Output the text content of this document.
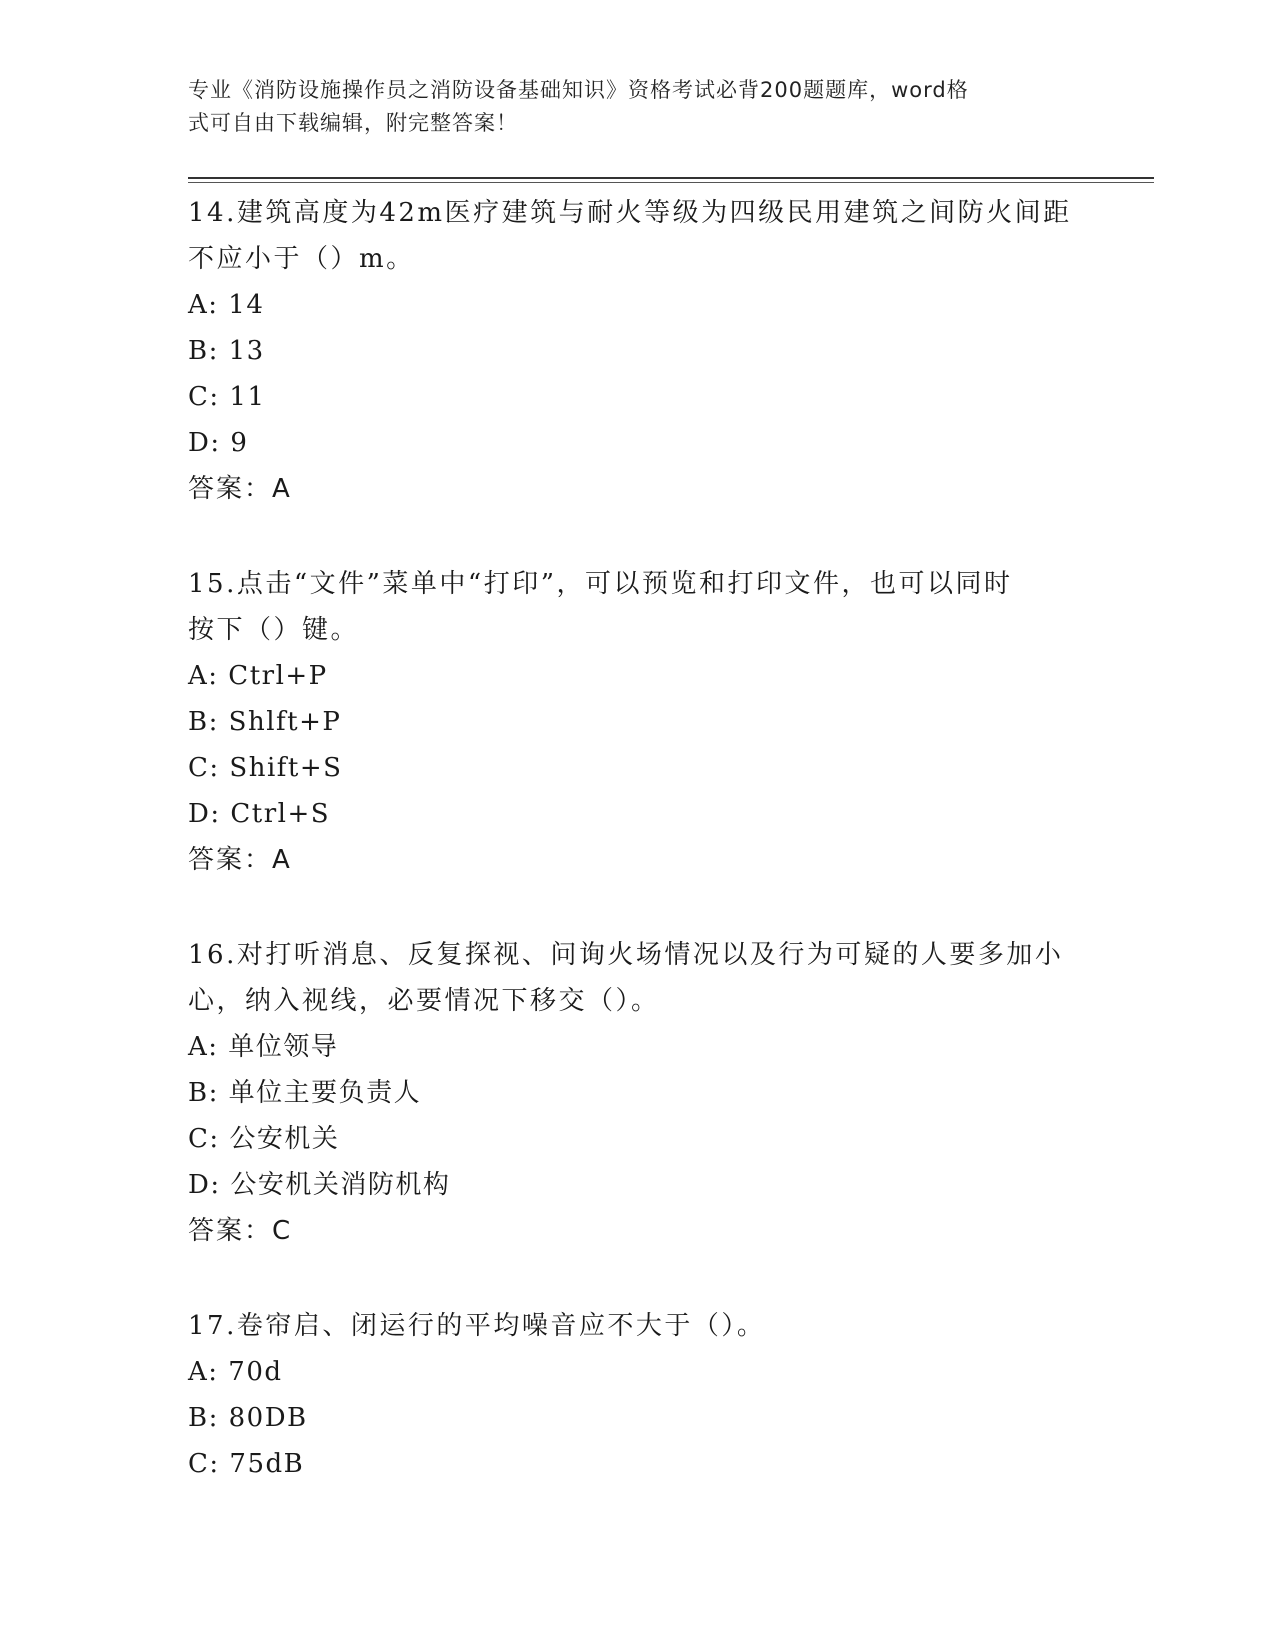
专业《消防设施操作员之消防设备基础知识》资格考试必背200题题库，word格
式可自由下载编辑，附完整答案！

14.建筑高度为42m医疗建筑与耐火等级为四级民用建筑之间防火间距
不应小于（）m。

A: 14

B: 13

C: 11

D: 9

答案：A

15.点击“文件”菜单中“打印”，可以预览和打印文件，也可以同时
按下（）键。

A: Ctrl+P

B: Shlft+P

C: Shift+S

D: Ctrl+S

答案：A

16.对打听消息、反复探视、问询火场情况以及行为可疑的人要多加小
心，纳入视线，必要情况下移交（）。

A: 单位领导

B: 单位主要负责人

C: 公安机关

D: 公安机关消防机构

答案：C

17.卷帘启、闭运行的平均噪音应不大于（）。

A: 70d

B: 80DB

C: 75dB
